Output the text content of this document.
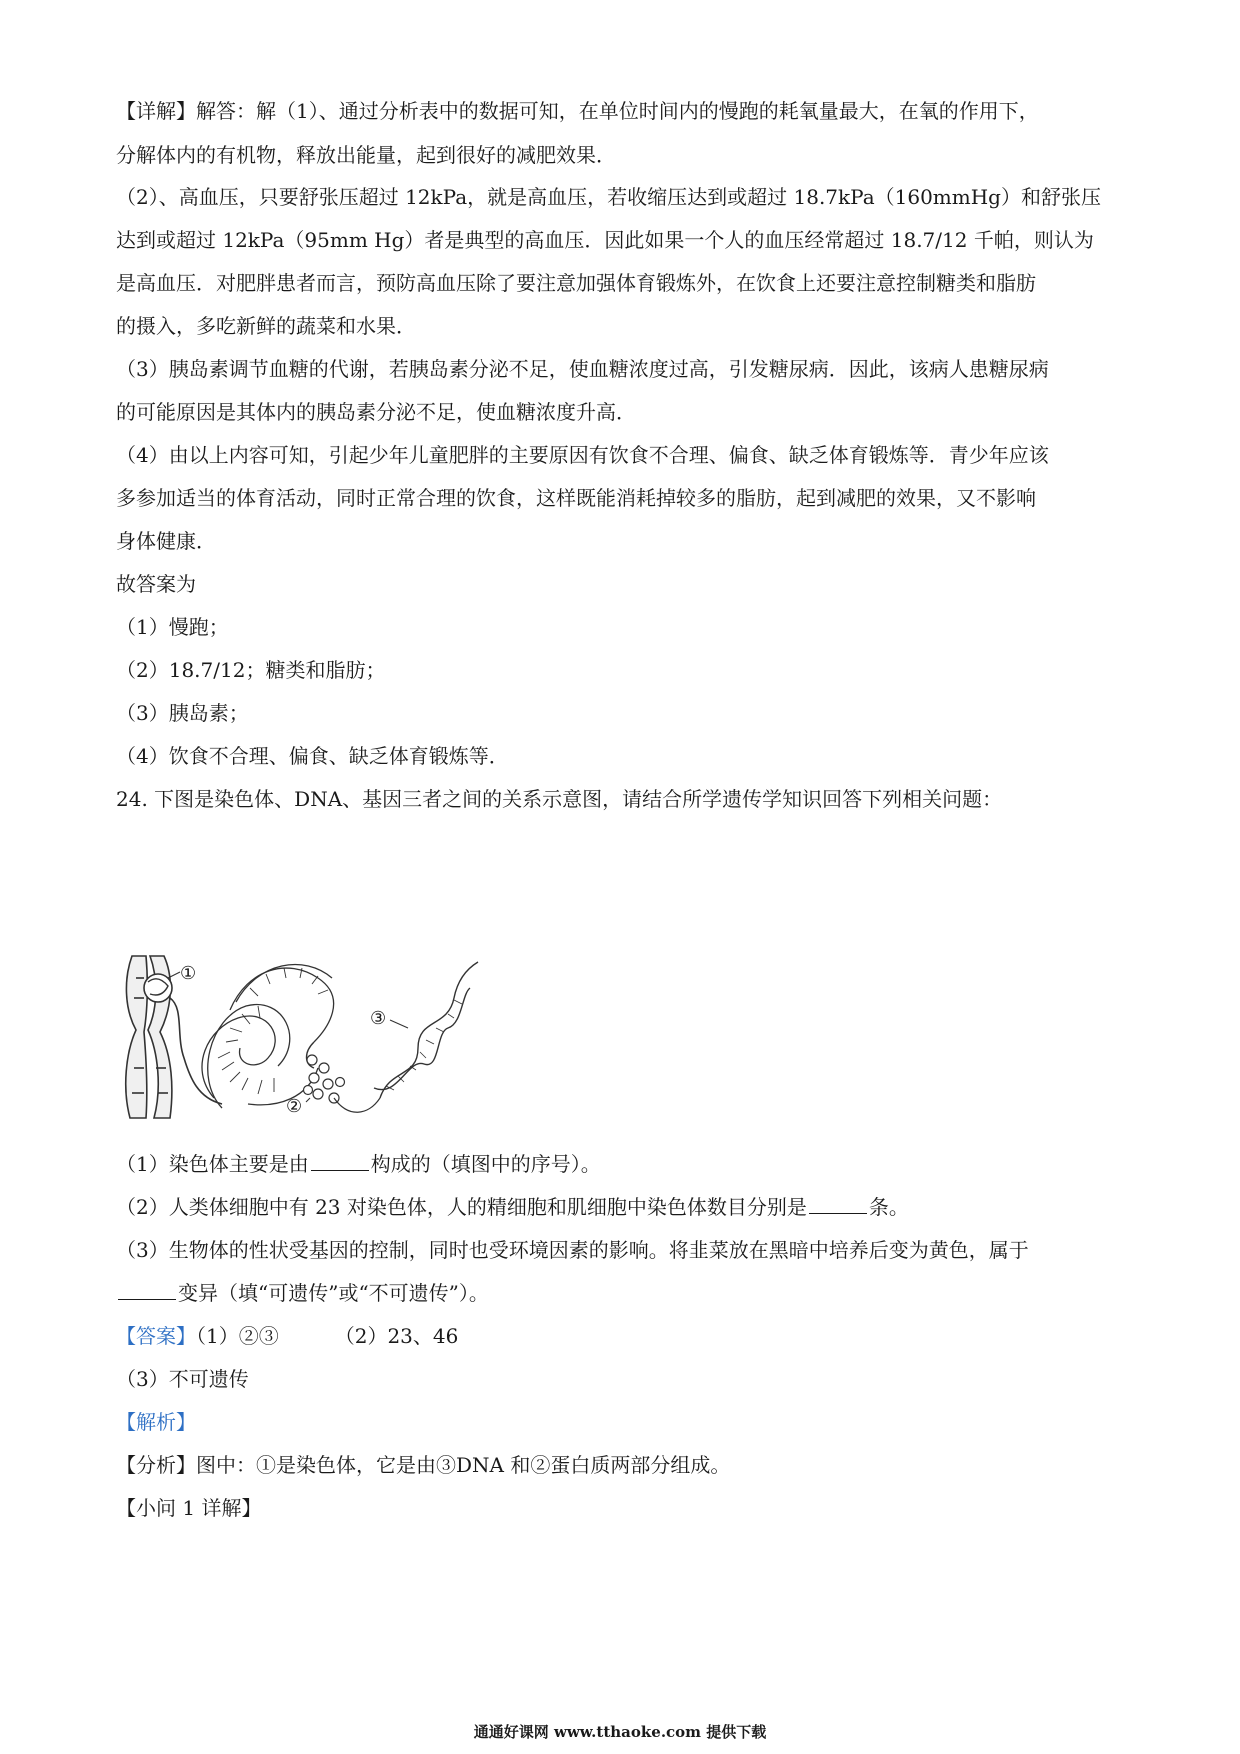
【详解】解答：解（1）、通过分析表中的数据可知，在单位时间内的慢跑的耗氧量最大，在氧的作用下，
分解体内的有机物，释放出能量，起到很好的减肥效果．
（2）、高血压，只要舒张压超过 12kPa，就是高血压，若收缩压达到或超过 18.7kPa（160mmHg）和舒张压
达到或超过 12kPa（95mm Hg）者是典型的高血压．因此如果一个人的血压经常超过 18.7/12 千帕，则认为
是高血压．对肥胖患者而言，预防高血压除了要注意加强体育锻炼外，在饮食上还要注意控制糖类和脂肪
的摄入，多吃新鲜的蔬菜和水果．
（3）胰岛素调节血糖的代谢，若胰岛素分泌不足，使血糖浓度过高，引发糖尿病．因此，该病人患糖尿病
的可能原因是其体内的胰岛素分泌不足，使血糖浓度升高．
（4）由以上内容可知，引起少年儿童肥胖的主要原因有饮食不合理、偏食、缺乏体育锻炼等．青少年应该
多参加适当的体育活动，同时正常合理的饮食，这样既能消耗掉较多的脂肪，起到减肥的效果，又不影响
身体健康．
故答案为
（1）慢跑；
（2）18.7/12；糖类和脂肪；
（3）胰岛素；
（4）饮食不合理、偏食、缺乏体育锻炼等．
24. 下图是染色体、DNA、基因三者之间的关系示意图，请结合所学遗传学知识回答下列相关问题：
①
②
③
（1）染色体主要是由	构成的（填图中的序号）。
（2）人类体细胞中有 23 对染色体，人的精细胞和肌细胞中染色体数目分别是	条。
（3）生物体的性状受基因的控制，同时也受环境因素的影响。将韭菜放在黑暗中培养后变为黄色，属于
变异（填“可遗传”或“不可遗传”）。
【答案】（1）②③	（2）23、46
（3）不可遗传
【解析】
【分析】图中：①是染色体，它是由③DNA 和②蛋白质两部分组成。
【小问 1 详解】
通通好课网 www.tthaoke.com 提供下载
